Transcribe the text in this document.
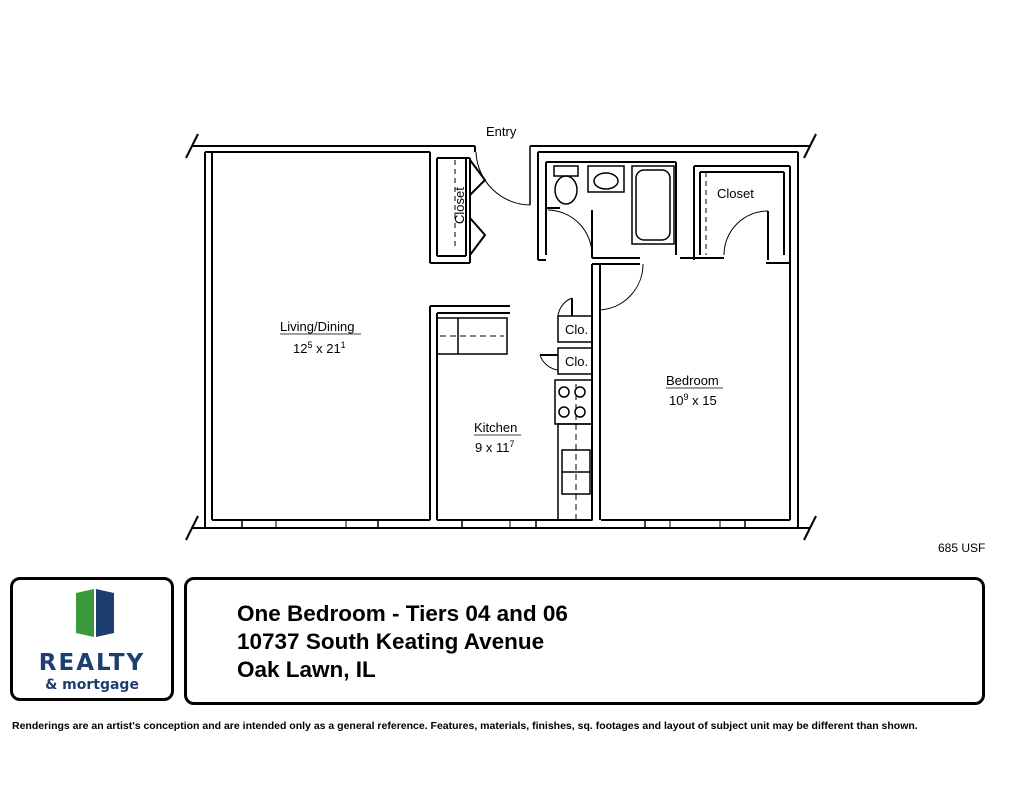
Entry
Closet	Closet
Clo.
Clo.
Living/Dining
$12^5$ x $21^1$
Bedroom
$10^9$ x 15
Kitchen
9 x $11^7$
685 USF
REALTY
& mortgage
One Bedroom - Tiers 04 and 06
10737 South Keating Avenue
Oak Lawn, IL
Renderings are an artist's conception and are intended only as a general reference. Features, materials, finishes, sq. footages and layout of subject unit may be different than shown.
